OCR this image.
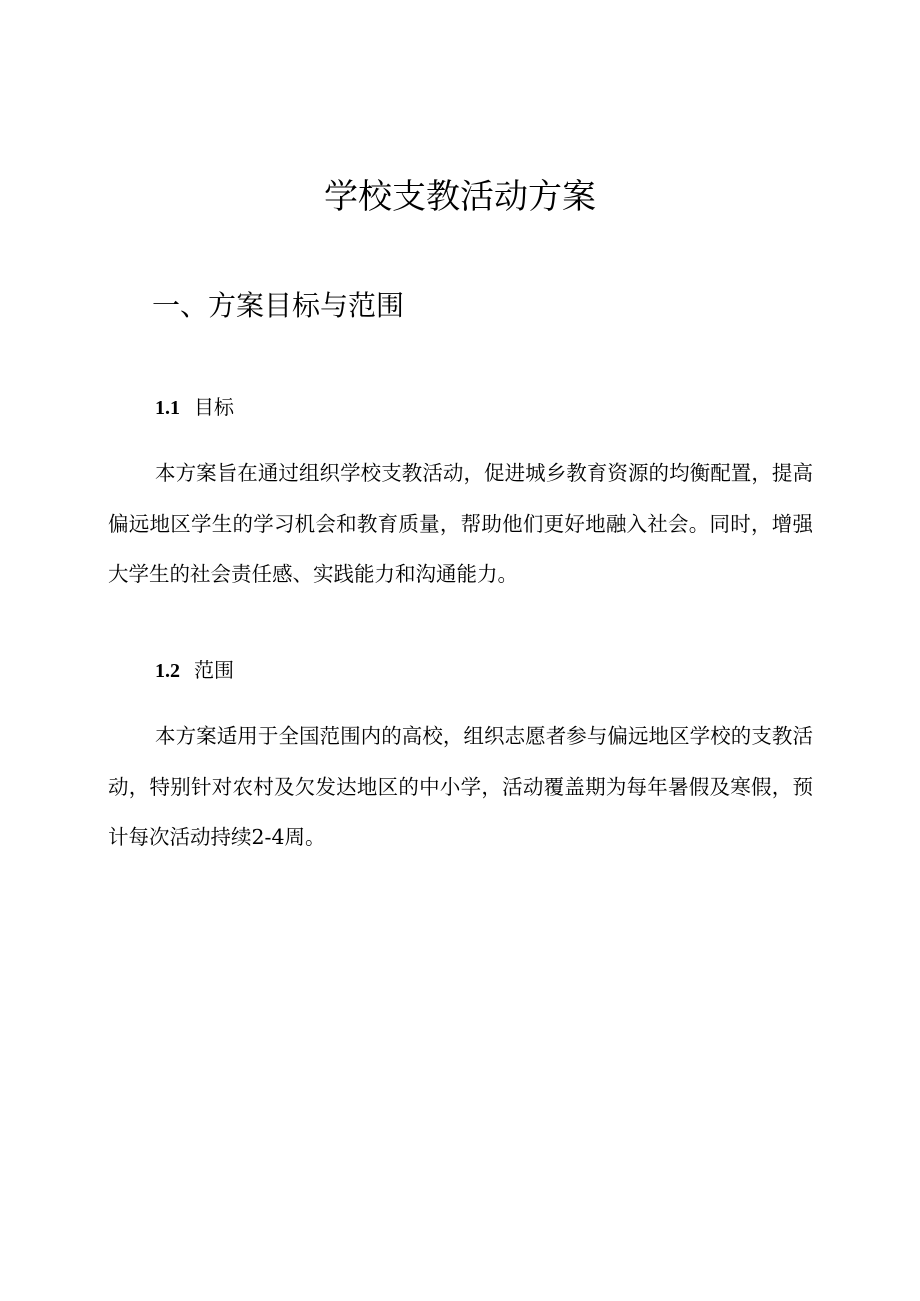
学校支教活动方案
一、方案目标与范围
1.1 目标

本方案旨在通过组织学校支教活动，促进城乡教育资源的均衡配置，提高偏远地区学生的学习机会和教育质量，帮助他们更好地融入社会。同时，增强大学生的社会责任感、实践能力和沟通能力。

1.2 范围

本方案适用于全国范围内的高校，组织志愿者参与偏远地区学校的支教活动，特别针对农村及欠发达地区的中小学，活动覆盖期为每年暑假及寒假，预计每次活动持续2-4周。
